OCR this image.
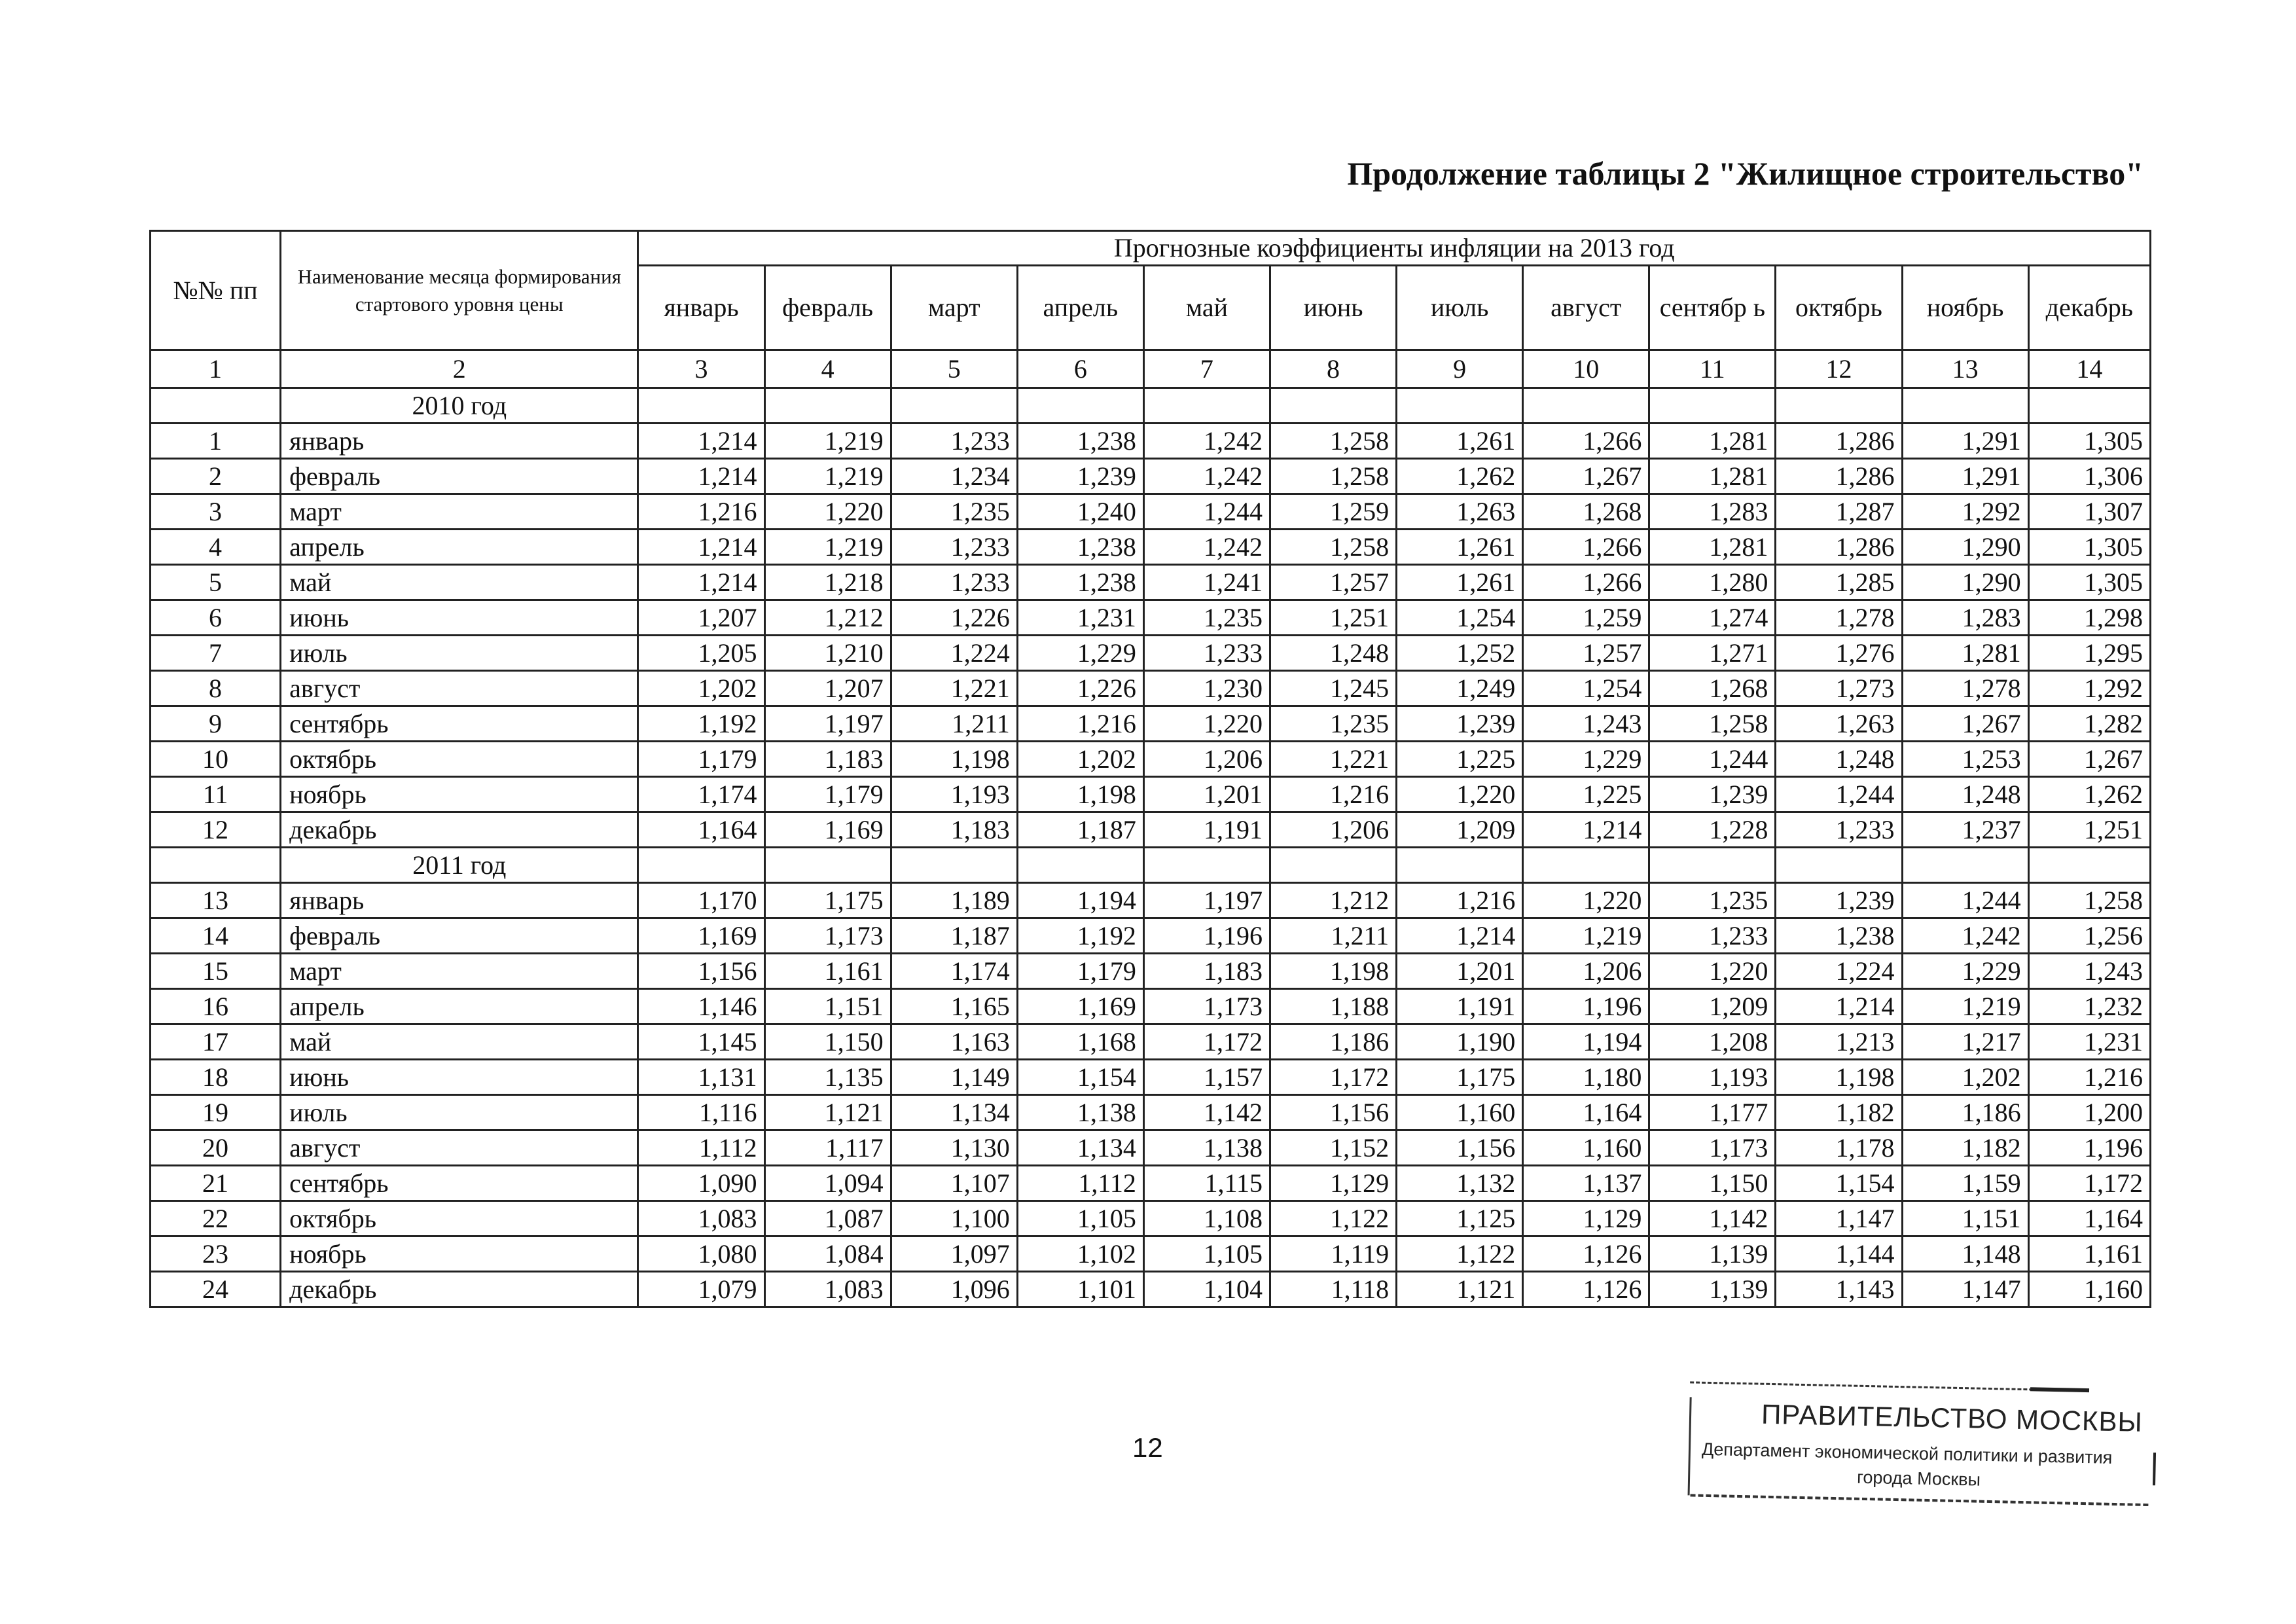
Продолжение таблицы 2 "Жилищное строительство"
№№ пп	Наименование месяца формирования стартового уровня цены	Прогнозные коэффициенты инфляции на 2013 год											
		январь	февраль	март	апрель	май	июнь	июль	август	сентябр ь	октябрь	ноябрь	декабрь
1	2	3	4	5	6	7	8	9	10	11	12	13	14
	2010 год												
1	январь	1,214	1,219	1,233	1,238	1,242	1,258	1,261	1,266	1,281	1,286	1,291	1,305
2	февраль	1,214	1,219	1,234	1,239	1,242	1,258	1,262	1,267	1,281	1,286	1,291	1,306
3	март	1,216	1,220	1,235	1,240	1,244	1,259	1,263	1,268	1,283	1,287	1,292	1,307
4	апрель	1,214	1,219	1,233	1,238	1,242	1,258	1,261	1,266	1,281	1,286	1,290	1,305
5	май	1,214	1,218	1,233	1,238	1,241	1,257	1,261	1,266	1,280	1,285	1,290	1,305
6	июнь	1,207	1,212	1,226	1,231	1,235	1,251	1,254	1,259	1,274	1,278	1,283	1,298
7	июль	1,205	1,210	1,224	1,229	1,233	1,248	1,252	1,257	1,271	1,276	1,281	1,295
8	август	1,202	1,207	1,221	1,226	1,230	1,245	1,249	1,254	1,268	1,273	1,278	1,292
9	сентябрь	1,192	1,197	1,211	1,216	1,220	1,235	1,239	1,243	1,258	1,263	1,267	1,282
10	октябрь	1,179	1,183	1,198	1,202	1,206	1,221	1,225	1,229	1,244	1,248	1,253	1,267
11	ноябрь	1,174	1,179	1,193	1,198	1,201	1,216	1,220	1,225	1,239	1,244	1,248	1,262
12	декабрь	1,164	1,169	1,183	1,187	1,191	1,206	1,209	1,214	1,228	1,233	1,237	1,251
	2011 год												
13	январь	1,170	1,175	1,189	1,194	1,197	1,212	1,216	1,220	1,235	1,239	1,244	1,258
14	февраль	1,169	1,173	1,187	1,192	1,196	1,211	1,214	1,219	1,233	1,238	1,242	1,256
15	март	1,156	1,161	1,174	1,179	1,183	1,198	1,201	1,206	1,220	1,224	1,229	1,243
16	апрель	1,146	1,151	1,165	1,169	1,173	1,188	1,191	1,196	1,209	1,214	1,219	1,232
17	май	1,145	1,150	1,163	1,168	1,172	1,186	1,190	1,194	1,208	1,213	1,217	1,231
18	июнь	1,131	1,135	1,149	1,154	1,157	1,172	1,175	1,180	1,193	1,198	1,202	1,216
19	июль	1,116	1,121	1,134	1,138	1,142	1,156	1,160	1,164	1,177	1,182	1,186	1,200
20	август	1,112	1,117	1,130	1,134	1,138	1,152	1,156	1,160	1,173	1,178	1,182	1,196
21	сентябрь	1,090	1,094	1,107	1,112	1,115	1,129	1,132	1,137	1,150	1,154	1,159	1,172
22	октябрь	1,083	1,087	1,100	1,105	1,108	1,122	1,125	1,129	1,142	1,147	1,151	1,164
23	ноябрь	1,080	1,084	1,097	1,102	1,105	1,119	1,122	1,126	1,139	1,144	1,148	1,161
24	декабрь	1,079	1,083	1,096	1,101	1,104	1,118	1,121	1,126	1,139	1,143	1,147	1,160
12
ПРАВИТЕЛЬСТВО МОСКВЫ
Департамент экономической политики и развития
города Москвы
